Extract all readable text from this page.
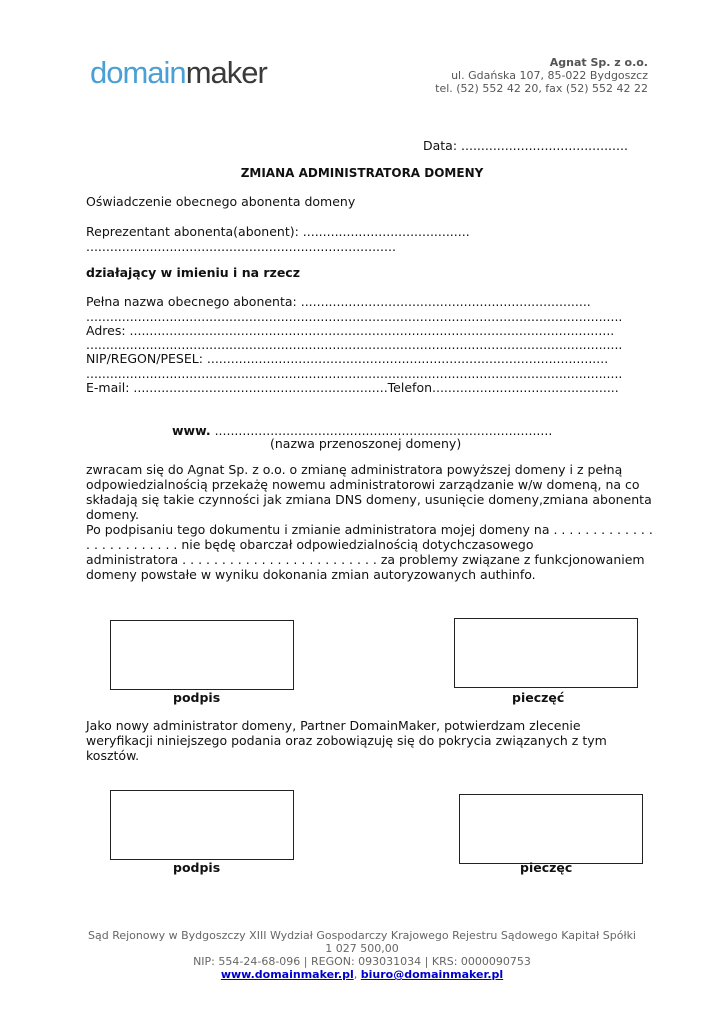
domainmaker	Agnat Sp. z o.o.
ul. Gdańska 107, 85-022 Bydgoszcz
tel. (52) 552 42 20, fax (52) 552 42 22
Data: ..........................................
ZMIANA ADMINISTRATORA DOMENY
Oświadczenie obecnego abonenta domeny
Reprezentant abonenta(abonent): ..........................................
..............................................................................
działający w imieniu i na rzecz
Pełna nazwa obecnego abonenta: .........................................................................
.......................................................................................................................................
Adres: ..........................................................................................................................
.......................................................................................................................................
NIP/REGON/PESEL: .....................................................................................................
.......................................................................................................................................
E-mail: ................................................................Telefon...............................................
www. .....................................................................................
(nazwa przenoszonej domeny)
zwracam się do Agnat Sp. z o.o. o zmianę administratora powyższej domeny i z pełną
odpowiedzialnością przekażę nowemu administratorowi zarządzanie w/w domeną, na co
składają się takie czynności jak zmiana DNS domeny, usunięcie domeny,zmiana abonenta
domeny.
Po podpisaniu tego dokumentu i zmianie administratora mojej domeny na . . . . . . . . . . . . .
. . . . . . . . . . . . nie będę obarczał odpowiedzialnością dotychczasowego
administratora . . . . . . . . . . . . . . . . . . . . . . . . . za problemy związane z funkcjonowaniem
domeny powstałe w wyniku dokonania zmian autoryzowanych authinfo.
podpis	pieczęć
Jako nowy administrator domeny, Partner DomainMaker, potwierdzam zlecenie
weryfikacji niniejszego podania oraz zobowiązuję się do pokrycia związanych z tym
kosztów.
podpis	pieczęc
Sąd Rejonowy w Bydgoszczy XIII Wydział Gospodarczy Krajowego Rejestru Sądowego Kapitał Spółki
1 027 500,00
NIP: 554-24-68-096 | REGON: 093031034 | KRS: 0000090753
www.domainmaker.pl, biuro@domainmaker.pl
